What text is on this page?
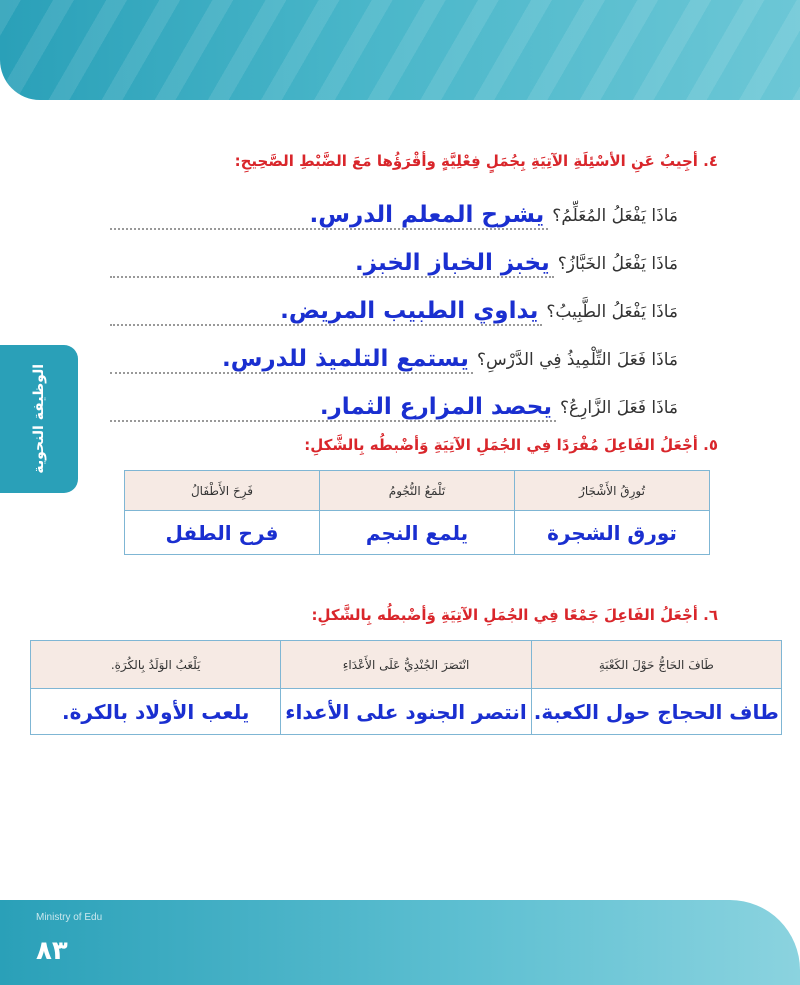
الوظيفة النحوية
٤. أجِيبُ عَنِ الأسْئِلَةِ الآتِيَةِ بِجُمَلٍ فِعْلِيَّةٍ وأقْرَؤُها مَعَ الضَّبْطِ الصَّحِيحِ:
مَاذَا يَفْعَلُ المُعَلِّمُ؟
يشرح المعلم الدرس.
مَاذَا يَفْعَلُ الخَبَّازُ؟
يخبز الخباز الخبز.
مَاذَا يَفْعَلُ الطَّبِيبُ؟
يداوي الطبيب المريض.
مَاذَا فَعَلَ التِّلْمِيذُ فِي الدَّرْسِ؟
يستمع التلميذ للدرس.
مَاذَا فَعَلَ الزَّارِعُ؟
يحصد المزارع الثمار.
٥. أجْعَلُ الفَاعِلَ مُفْرَدًا فِي الجُمَلِ الآتِيَةِ وَأضْبطُه بِالشَّكلِ:
تُورِقُ الأَشْجَارُ	تَلْمَعُ النُّجُومُ	فَرِحَ الأَطْفَالُ
تورق الشجرة	يلمع النجم	فرح الطفل
٦. أجْعَلُ الفَاعِلَ جَمْعًا فِي الجُمَلِ الآتِيَةِ وَأضْبطُه بِالشَّكلِ:
طَافَ الحَاجُّ حَوْلَ الكَعْبَةِ	انْتَصَرَ الجُنْدِيُّ عَلَى الأَعْدَاءِ	يَلْعَبُ الوَلَدُ بِالكُرَةِ.
طاف الحجاج حول الكعبة.	انتصر الجنود على الأعداء	يلعب الأولاد بالكرة.
Ministry of Edu
٨٣
